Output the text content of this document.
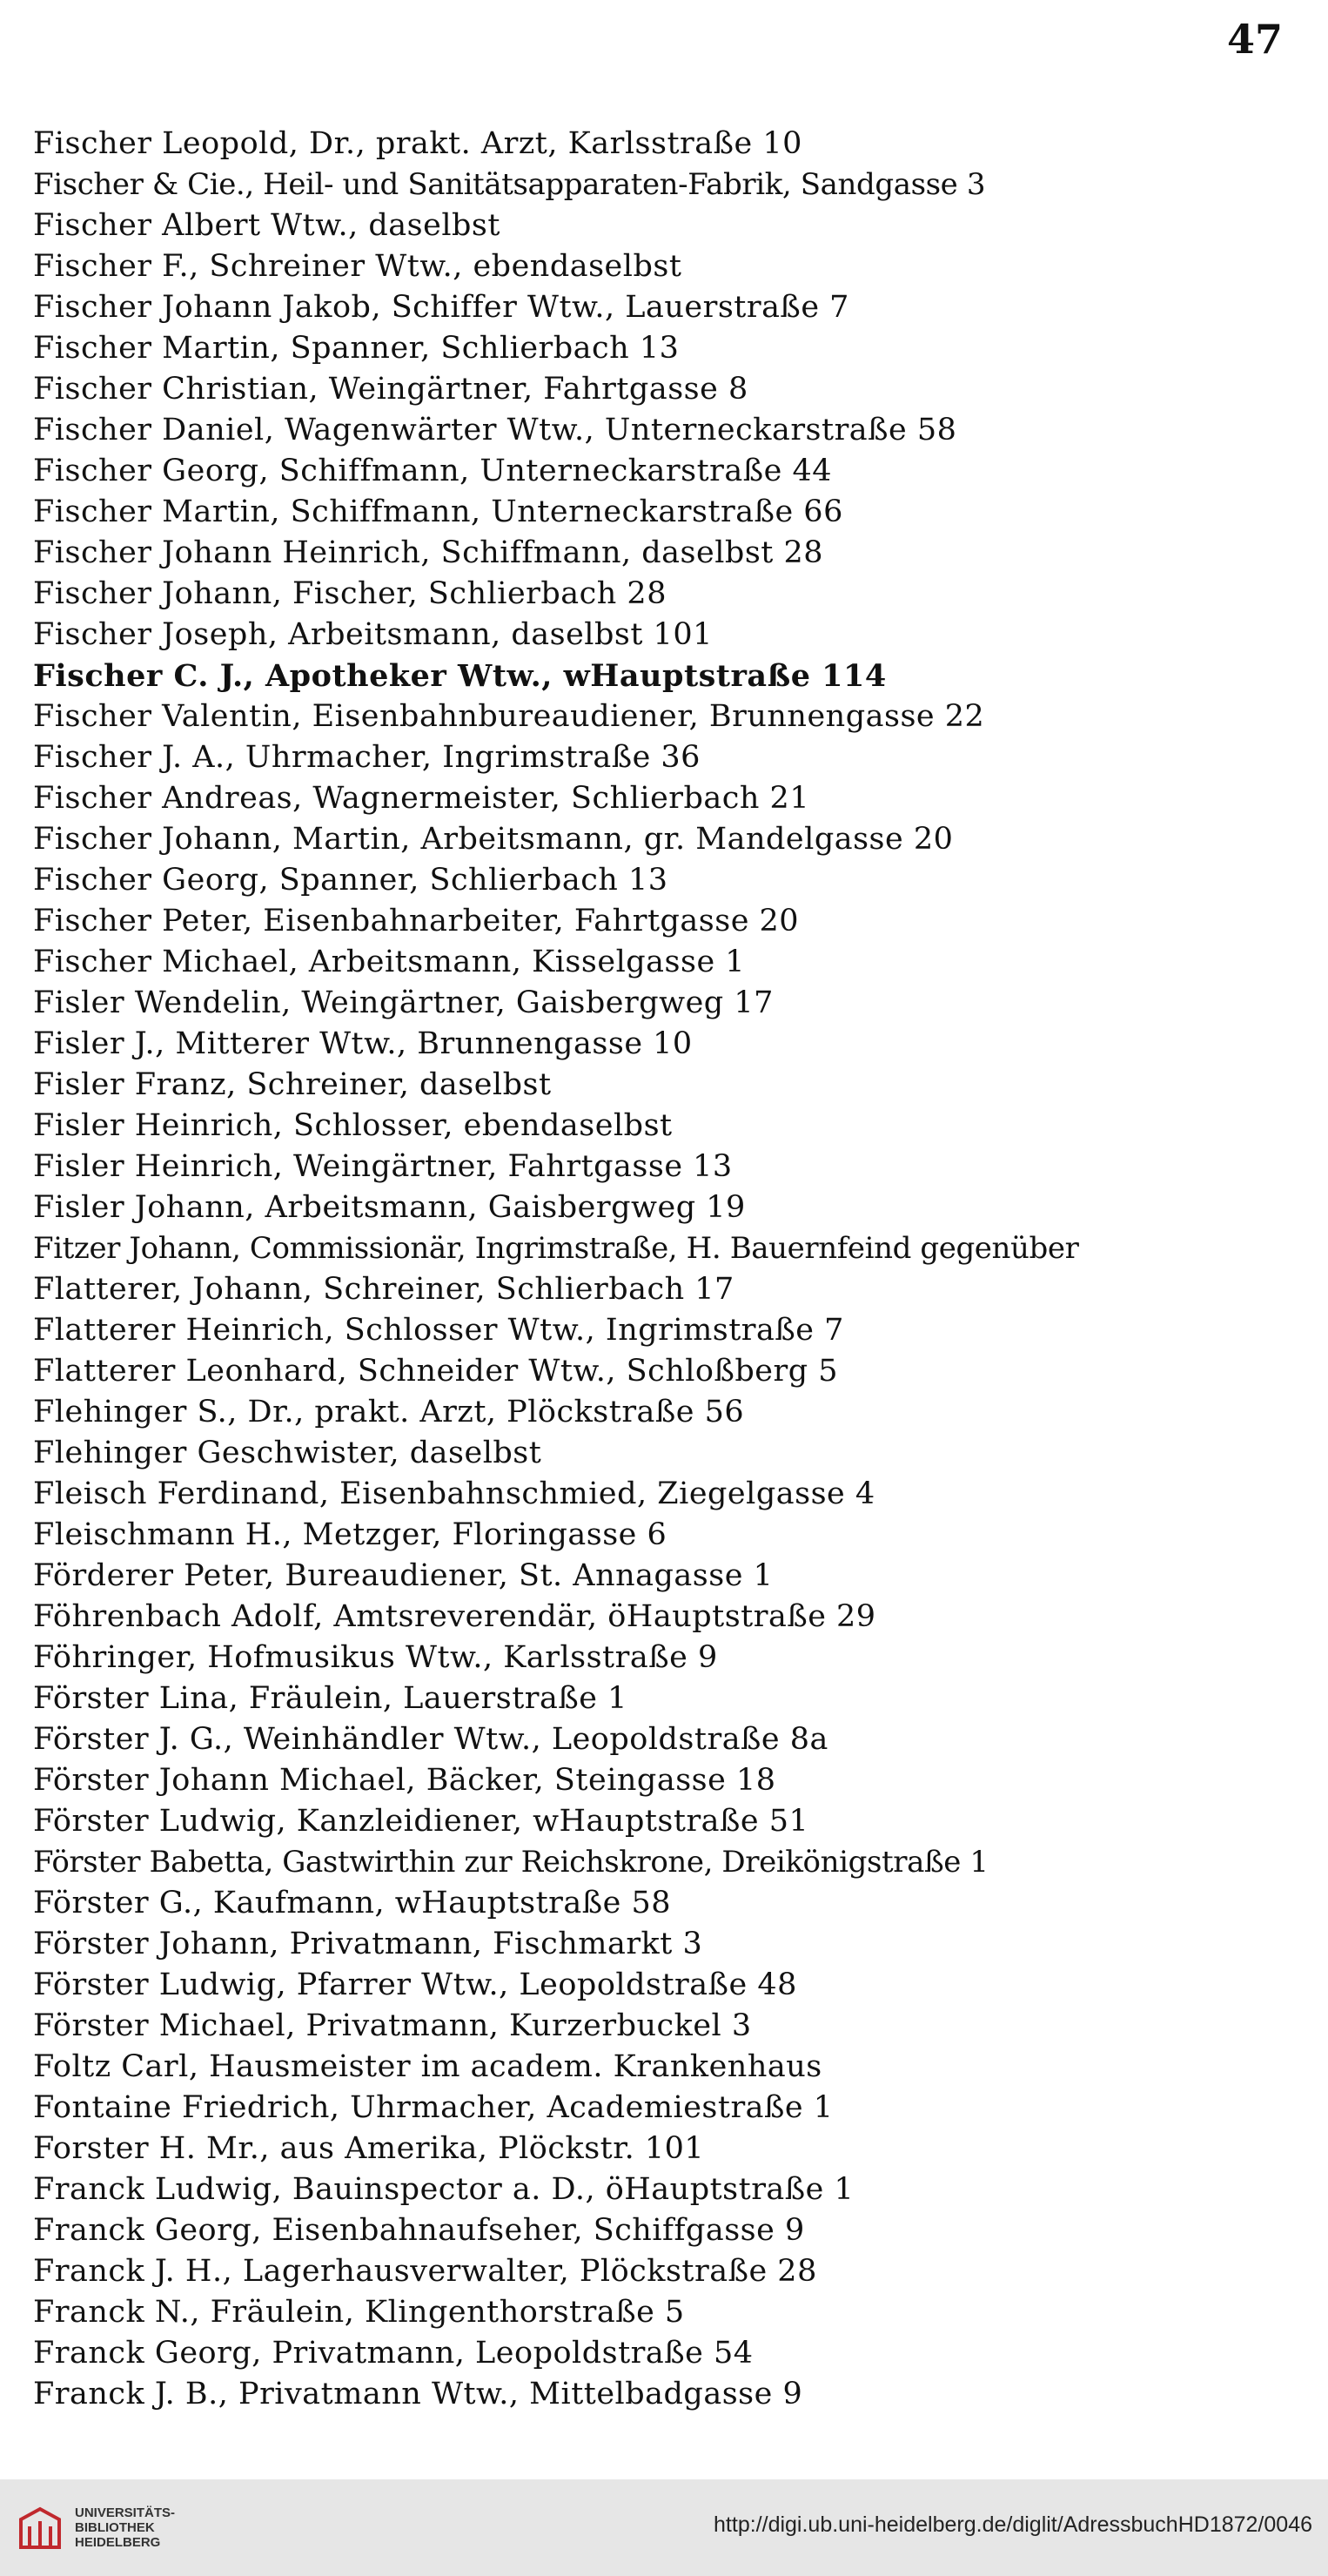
47
Fischer Leopold, Dr., prakt. Arzt, Karlsstraße 10
Fischer & Cie., Heil- und Sanitätsapparaten-Fabrik, Sandgasse 3
Fischer Albert Wtw., daselbst
Fischer F., Schreiner Wtw., ebendaselbst
Fischer Johann Jakob, Schiffer Wtw., Lauerstraße 7
Fischer Martin, Spanner, Schlierbach 13
Fischer Christian, Weingärtner, Fahrtgasse 8
Fischer Daniel, Wagenwärter Wtw., Unterneckarstraße 58
Fischer Georg, Schiffmann, Unterneckarstraße 44
Fischer Martin, Schiffmann, Unterneckarstraße 66
Fischer Johann Heinrich, Schiffmann, daselbst 28
Fischer Johann, Fischer, Schlierbach 28
Fischer Joseph, Arbeitsmann, daselbst 101
Fischer C. J., Apotheker Wtw., wHauptstraße 114
Fischer Valentin, Eisenbahnbureaudiener, Brunnengasse 22
Fischer J. A., Uhrmacher, Ingrimstraße 36
Fischer Andreas, Wagnermeister, Schlierbach 21
Fischer Johann, Martin, Arbeitsmann, gr. Mandelgasse 20
Fischer Georg, Spanner, Schlierbach 13
Fischer Peter, Eisenbahnarbeiter, Fahrtgasse 20
Fischer Michael, Arbeitsmann, Kisselgasse 1
Fisler Wendelin, Weingärtner, Gaisbergweg 17
Fisler J., Mitterer Wtw., Brunnengasse 10
Fisler Franz, Schreiner, daselbst
Fisler Heinrich, Schlosser, ebendaselbst
Fisler Heinrich, Weingärtner, Fahrtgasse 13
Fisler Johann, Arbeitsmann, Gaisbergweg 19
Fitzer Johann, Commissionär, Ingrimstraße, H. Bauernfeind gegenüber
Flatterer, Johann, Schreiner, Schlierbach 17
Flatterer Heinrich, Schlosser Wtw., Ingrimstraße 7
Flatterer Leonhard, Schneider Wtw., Schloßberg 5
Flehinger S., Dr., prakt. Arzt, Plöckstraße 56
Flehinger Geschwister, daselbst
Fleisch Ferdinand, Eisenbahnschmied, Ziegelgasse 4
Fleischmann H., Metzger, Floringasse 6
Förderer Peter, Bureaudiener, St. Annagasse 1
Föhrenbach Adolf, Amtsreverendär, öHauptstraße 29
Föhringer, Hofmusikus Wtw., Karlsstraße 9
Förster Lina, Fräulein, Lauerstraße 1
Förster J. G., Weinhändler Wtw., Leopoldstraße 8a
Förster Johann Michael, Bäcker, Steingasse 18
Förster Ludwig, Kanzleidiener, wHauptstraße 51
Förster Babetta, Gastwirthin zur Reichskrone, Dreikönigstraße 1
Förster G., Kaufmann, wHauptstraße 58
Förster Johann, Privatmann, Fischmarkt 3
Förster Ludwig, Pfarrer Wtw., Leopoldstraße 48
Förster Michael, Privatmann, Kurzerbuckel 3
Foltz Carl, Hausmeister im academ. Krankenhaus
Fontaine Friedrich, Uhrmacher, Academiestraße 1
Forster H. Mr., aus Amerika, Plöckstr. 101
Franck Ludwig, Bauinspector a. D., öHauptstraße 1
Franck Georg, Eisenbahnaufseher, Schiffgasse 9
Franck J. H., Lagerhausverwalter, Plöckstraße 28
Franck N., Fräulein, Klingenthorstraße 5
Franck Georg, Privatmann, Leopoldstraße 54
Franck J. B., Privatmann Wtw., Mittelbadgasse 9
UNIVERSITÄTS-
BIBLIOTHEK
HEIDELBERG
http://digi.ub.uni-heidelberg.de/diglit/AdressbuchHD1872/0046
